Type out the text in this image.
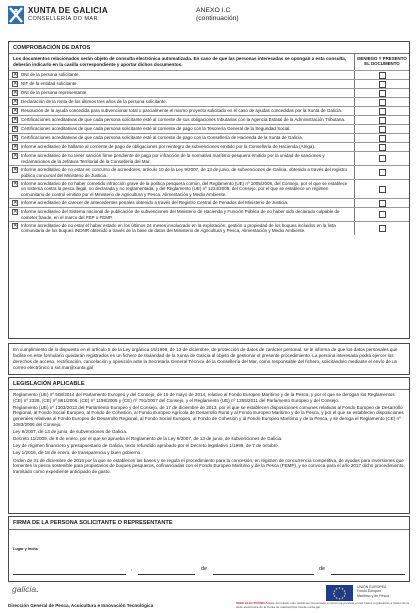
XUNTA DE GALICIA
CONSELLERÍA DO MAR
ANEXO I.C
(continuación)
COMPROBACIÓN DE DATOS
Los documentos relacionados serán objeto de consulta electrónica automatizada. En caso de que las personas interesadas se opongan a esta consulta, deberán indicarlo en la casilla correspondiente y aportar dichos documentos.
DENIEGO Y PRESENTO EL DOCUMENTO
✕ DNI de la persona solicitante.
✕ NIF de la entidad solicitante.
✕ DNI de la persona representante.
✕ Declaración de la renta de los últimos tres años de la persona solicitante.
✕ Resolución de la ayuda concedida para subvencionar total o parcialmente el mismo proyecto solicitado en el caso de ayudas concedidas por la Xunta de Galicia.
✕ Certificaciones acreditativas de que cada persona solicitante esté al corriente de sus obligaciones tributarias con la Agencia Estatal de la Administración Tributaria.
✕ Certificaciones acreditativas de que cada persona solicitante esté al corriente de pago con la Tesorería General de la Seguridad Social.
✕ Certificaciones acreditativas de que cada persona solicitante esté al corriente de pago con la Consellería de Hacienda de la Xunta de Galicia.
✕ Informe acreditativo de hallarse al corriente de pago de obligaciones por reintegro de subvenciones emitido por la Consellería de Hacienda (Atriga).
✕ Informe acreditativo de no tener sanción firme pendiente de pago por infracción de la normativa marítimo-pesquera emitido por la unidad de sanciones y reclamaciones de la Jefatura Territorial de la Consellería del Mar.
✕ Informe acreditativo de no estar en concurso de acreedores, artículo 10 de la Ley 9/2007, de 13 de junio, de subvenciones de Galicia, obtenido a través del registro público concursal del Ministerio de Justicia.
✕ Informe acreditativo de no haber cometido infracción grave de la política pesquera común, del Reglamento (UE) nº 1005/2008, del Consejo, por el que se establece un sistema contra la pesca ilegal, no declarada y no reglamentada, y del Reglamento (UE) nº 1224/2009, del Consejo, por el que se establece un régimen comunitario de control emitido por el Ministerio de Agricultura y Pesca, Alimentación y Medio Ambiente.
✕ Informe acreditativo de carecer de antecedentes penales obtenido a través del Registro Central de Penados del Ministerio de Justicia.
✕ Informe acreditativo del Sistema nacional de publicación de subvenciones del Ministerio de Hacienda y Función Pública de no haber sido declarado culpable de cometer fraude, en el marco del FEP o FEMP.
✕ Informe acreditativo de no estar el haber estado en los últimos 24 meses involucrado en la explotación, gestión o propiedad de los buques incluidos en la lista comunitaria de los buques INDNR obtenido a través de la base de datos del Ministerio de Agricultura y Pesca, Alimentación y Medio Ambiente.
En cumplimiento de lo dispuesto en el artículo 5 de la Ley orgánica 15/1999, de 13 de diciembre, de protección de datos de carácter personal, se le informa de que los datos personales que facilite en este formulario quedarán registrados en un fichero de titularidad de la Xunta de Galicia al objeto de gestionar el presente procedimiento. La persona interesada podrá ejercer los derechos de acceso, rectificación, cancelación y oposición ante la Secretaría General Técnica de la Consellería del Mar, como responsable del fichero, solicitándolo mediante el envío de un correo electrónico a sxt.mar@xunta.gal
LEGISLACIÓN APLICABLE

Reglamento (UE) nº 508/2014 del Parlamento Europeo y del Consejo, de 15 de mayo de 2014, relativo al Fondo Europeo Marítimo y de la Pesca, y por el que se derogan los Reglamentos (CE) nº 2328, (CE) nº 861/2006, (CE) nº 1198/2005 y (CE) nº 791/2007 del Consejo, y el Reglamento (UE) nº 1255/2011 del Parlamento Europeo y del Consejo.

Reglamento (UE) nº 1303/2013 del Parlamento Europeo y del Consejo, de 17 de diciembre de 2013, por el que se establecen disposiciones comunes relativas al Fondo Europeo de Desarrollo Regional, al Fondo Social Europeo, al Fondo de Cohesión, al Fondo Europeo Agrícola de Desarrollo Rural y al Fondo Europeo Marítimo y de la Pesca, y por el que se establecen disposiciones generales relativas al Fondo Europeo de Desarrollo Regional, al Fondo Social Europeo, al Fondo de Cohesión y al Fondo Europeo Marítimo y de la Pesca, y se deroga el Reglamento (CE) nº 1083/2006 del Consejo.

Ley 9/2007, de 13 de junio, de subvenciones de Galicia.

Decreto 11/2009, de 8 de enero, por el que se aprueba el Reglamento de la Ley 9/2007, de 13 de junio, de subvenciones de Galicia.

Ley de régimen financiero y presupuestario de Galicia, texto refundido aprobado por el Decreto legislativo 1/1999, de 7 de octubre.

Ley 1/2016, de 18 de enero, de transparencia y buen gobierno.

Orden de 31 de diciembre de 2016 por la que se establecen las bases y se regula el procedimiento para la concesión, en régimen de concurrencia competitiva, de ayudas para inversiones que fomenten la pesca sostenible para propietarios de buques pesqueros, cofinanciadas con el Fondo Europeo Marítimo y de la Pesca (FEMP), y se convoca para el año 2017 dicho procedimiento, tramitado como expediente anticipado de gasto.

FIRMA DE LA PERSONA SOLICITANTE O REPRESENTANTE
Lugar y fecha
,	de	de
galicia.	UNIÓN EUROPEA
Fondo Europeo
Marítimo y de Pesca
Dirección General de Pesca, Acuicultura e Innovación Tecnológica	SEDE ELECTRÓNICA Este formulario sólo podrá ser presentado en la forma prevista en las bases reguladoras a través de la sede electrónica de la Xunta de Galicia https://sede.xunta.gal
